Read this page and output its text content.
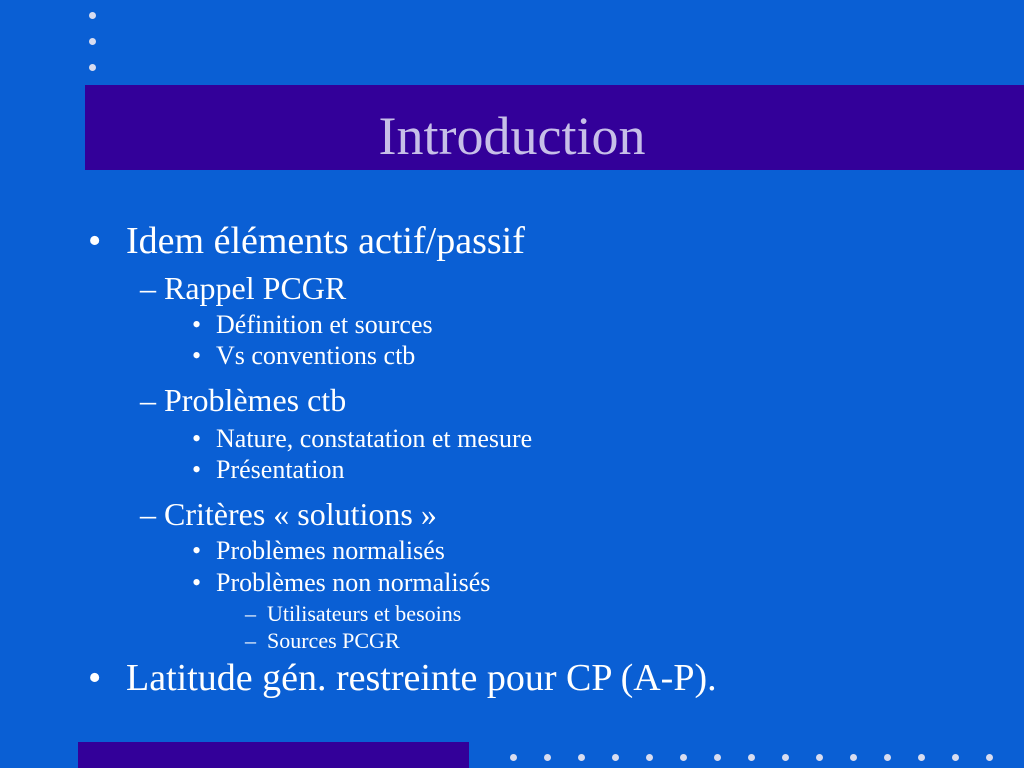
Introduction
• Idem éléments actif/passif
– Rappel PCGR
• Définition et sources
• Vs conventions ctb
– Problèmes ctb
• Nature, constatation et mesure
• Présentation
– Critères « solutions »
• Problèmes normalisés
• Problèmes non normalisés
– Utilisateurs et besoins
– Sources PCGR
• Latitude gén. restreinte pour CP (A-P).
